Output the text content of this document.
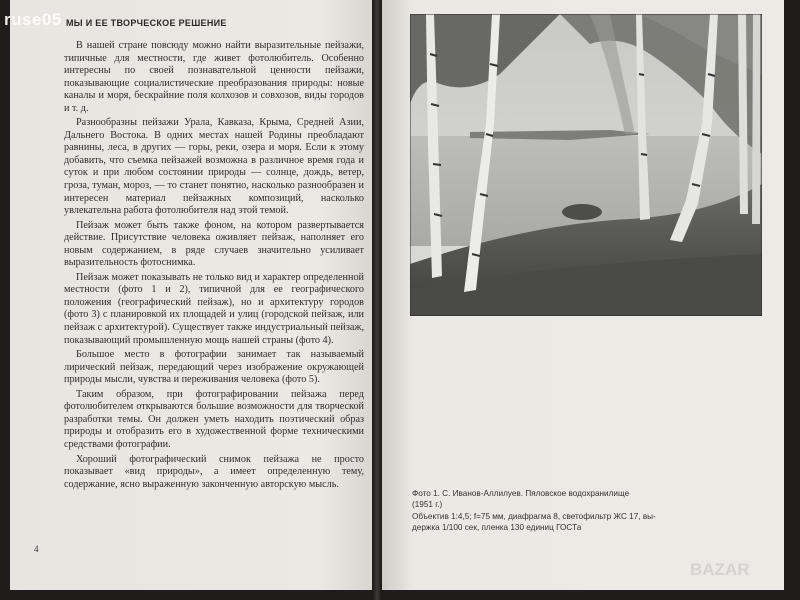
МЫ И ЕЕ ТВОРЧЕСКОЕ РЕШЕНИЕ

В нашей стране повсюду можно найти выразительные пейзажи, типичные для местности, где живет фотолюбитель. Особенно интересны по своей познавательной ценности пейзажи, показывающие социалистические преобразования природы: новые каналы и моря, бескрайние поля колхозов и совхозов, виды городов и т. д.

Разнообразны пейзажи Урала, Кавказа, Крыма, Средней Азии, Дальнего Востока. В одних местах нашей Родины преобладают равнины, леса, в других — горы, реки, озера и моря. Если к этому добавить, что съемка пейзажей возможна в различное время года и суток и при любом состоянии природы — солнце, дождь, ветер, гроза, туман, мороз, — то станет понятно, насколько разнообразен и интересен материал пейзажных композиций, насколько увлекательна работа фотолюбителя над этой темой.

Пейзаж может быть также фоном, на котором развертывается действие. Присутствие человека оживляет пейзаж, наполняет его новым содержанием, в ряде случаев значительно усиливает выразительность фотоснимка.

Пейзаж может показывать не только вид и характер определенной местности (фото 1 и 2), типичной для ее географического положения (географический пейзаж), но и архитектуру городов (фото 3) с планировкой их площадей и улиц (городской пейзаж, или пейзаж с архитектурой). Существует также индустриальный пейзаж, показывающий промышленную мощь нашей страны (фото 4).

Большое место в фотографии занимает так называемый лирический пейзаж, передающий через изображение окружающей природы мысли, чувства и переживания человека (фото 5).

Таким образом, при фотографировании пейзажа перед фотолюбителем открываются большие возможности для творческой разработки темы. Он должен уметь находить поэтический образ природы и отобразить его в художественной форме техническими средствами фотографии.

Хороший фотографический снимок пейзажа не просто показывает «вид природы», а имеет определенную тему, содержание, ясно выраженную законченную авторскую мысль.

4
Фото 1. С. Иванов-Аллилуев. Пяловское водохранилище
(1951 г.)
Объектив 1:4,5; f=75 мм, диафрагма 8, светофильтр ЖС 17, вы-
держка 1/100 сек, пленка 130 единиц ГОСТа
ruse05
BAZAR
